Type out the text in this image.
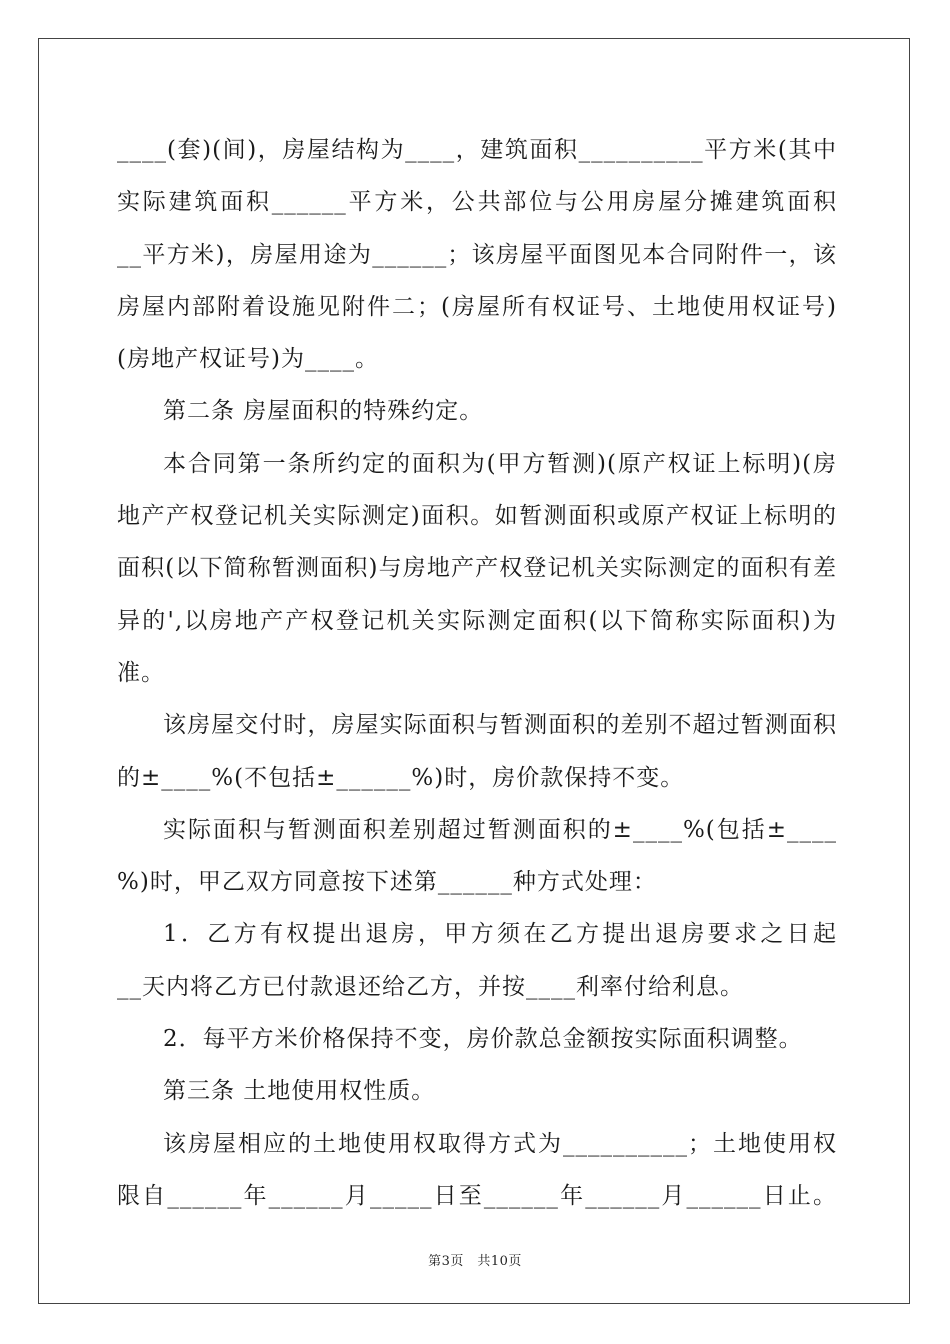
____(套)(间)，房屋结构为____，建筑面积__________平方米(其中
实际建筑面积______平方米，公共部位与公用房屋分摊建筑面积
__平方米)，房屋用途为______；该房屋平面图见本合同附件一，该
房屋内部附着设施见附件二；(房屋所有权证号、土地使用权证号)
(房地产权证号)为____。
第二条 房屋面积的特殊约定。
本合同第一条所约定的面积为(甲方暂测)(原产权证上标明)(房
地产产权登记机关实际测定)面积。如暂测面积或原产权证上标明的
面积(以下简称暂测面积)与房地产产权登记机关实际测定的面积有差
异的',以房地产产权登记机关实际测定面积(以下简称实际面积)为
准。
该房屋交付时，房屋实际面积与暂测面积的差别不超过暂测面积
的±____%(不包括±______%)时，房价款保持不变。
实际面积与暂测面积差别超过暂测面积的±____%(包括±____
%)时，甲乙双方同意按下述第______种方式处理：
1．乙方有权提出退房，甲方须在乙方提出退房要求之日起
__天内将乙方已付款退还给乙方，并按____利率付给利息。
2．每平方米价格保持不变，房价款总金额按实际面积调整。
第三条 土地使用权性质。
该房屋相应的土地使用权取得方式为__________；土地使用权
限自______年______月_____日至______年______月______日止。
第3页　共10页
